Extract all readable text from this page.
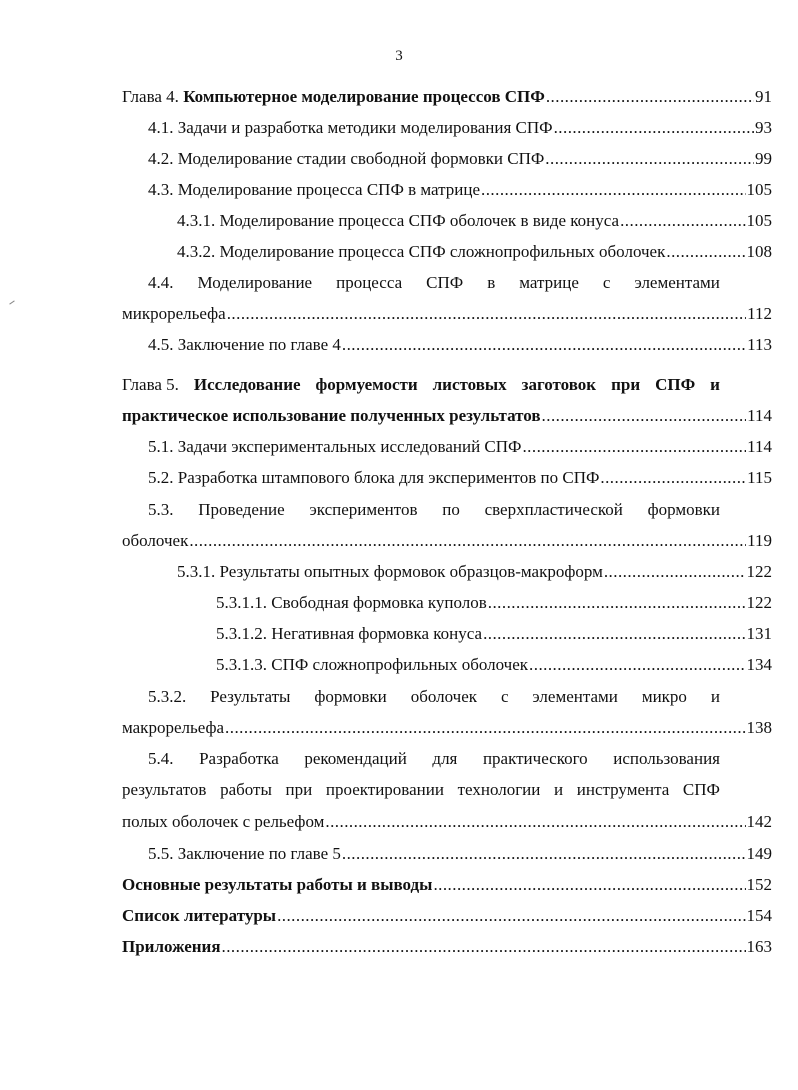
3
Глава 4. Компьютерное моделирование процессов СПФ . . .	91
4.1. Задачи и разработка методики моделирования СПФ . . .	93
4.2. Моделирование стадии свободной формовки СПФ . . .	99
4.3. Моделирование процесса СПФ в матрице . . .	105
4.3.1. Моделирование процесса СПФ оболочек в виде конуса . . .	105
4.3.2. Моделирование процесса СПФ сложнопрофильных оболочек . . .	108
4.4. Моделирование процесса СПФ в матрице с элементами
микрорельефа . . .	112
4.5. Заключение по главе 4 . . .	113
Глава 5. Исследование формуемости листовых заготовок при СПФ и
практическое использование полученных результатов . . .	114
5.1. Задачи экспериментальных исследований СПФ . . .	114
5.2. Разработка штампового блока для экспериментов по СПФ . . .	115
5.3. Проведение экспериментов по сверхпластической формовки
оболочек . . .	119
5.3.1. Результаты опытных формовок образцов-макроформ . . .	122
5.3.1.1. Свободная формовка куполов . . .	122
5.3.1.2. Негативная формовка конуса . . .	131
5.3.1.3. СПФ сложнопрофильных оболочек . . .	134
5.3.2. Результаты формовки оболочек с элементами микро и
макрорельефа . . .	138
5.4. Разработка рекомендаций для практического использования
результатов работы при проектировании технологии и инструмента СПФ
полых оболочек с рельефом . . .	142
5.5. Заключение по главе 5 . . .	149
Основные результаты работы и выводы . . .	152
Список литературы . . .	154
Приложения . . .	163
